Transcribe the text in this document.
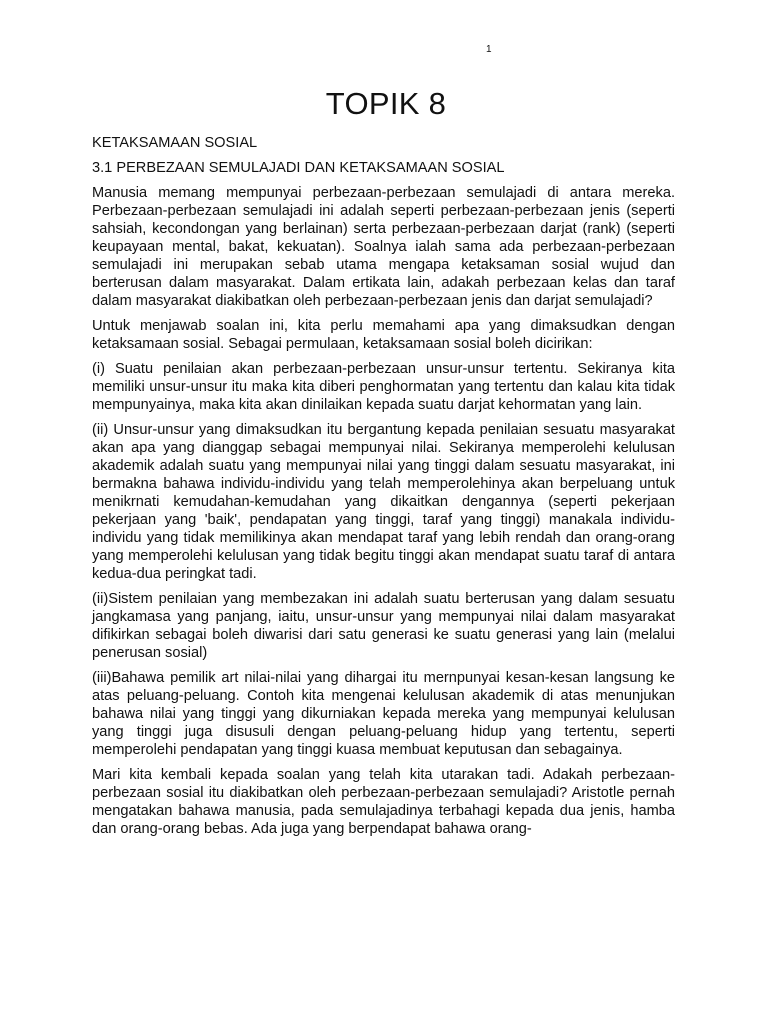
1
TOPIK 8

KETAKSAMAAN SOSIAL

3.1 PERBEZAAN SEMULAJADI DAN KETAKSAMAAN SOSIAL

Manusia memang mempunyai perbezaan-perbezaan semulajadi di antara mereka. Perbezaan-perbezaan semulajadi ini adalah seperti perbezaan-perbezaan jenis (seperti sahsiah, kecondongan yang berlainan) serta perbezaan-perbezaan darjat (rank) (seperti keupayaan mental, bakat, kekuatan). Soalnya ialah sama ada perbezaan-perbezaan semulajadi ini merupakan sebab utama mengapa ketaksaman sosial wujud dan berterusan dalam masyarakat. Dalam ertikata lain, adakah perbezaan kelas dan taraf dalam masyarakat diakibatkan oleh perbezaan-perbezaan jenis dan darjat semulajadi?

Untuk menjawab soalan ini, kita perlu memahami apa yang dimaksudkan dengan ketaksamaan sosial. Sebagai permulaan, ketaksamaan sosial boleh dicirikan:

(i) Suatu penilaian akan perbezaan-perbezaan unsur-unsur tertentu. Sekiranya kita memiliki unsur-unsur itu maka kita diberi penghormatan yang tertentu dan kalau kita tidak mempunyainya, maka kita akan dinilaikan kepada suatu darjat kehormatan yang lain.

(ii) Unsur-unsur yang dimaksudkan itu bergantung kepada penilaian sesuatu masyarakat akan apa yang dianggap sebagai mempunyai nilai. Sekiranya memperolehi kelulusan akademik adalah suatu yang mempunyai nilai yang tinggi dalam sesuatu masyarakat, ini bermakna bahawa individu-individu yang telah memperolehinya akan berpeluang untuk menikrnati kemudahan-kemudahan yang dikaitkan dengannya (seperti pekerjaan pekerjaan yang 'baik', pendapatan yang tinggi, taraf yang tinggi) manakala individu-individu yang tidak memilikinya akan mendapat taraf yang lebih rendah dan orang-orang yang memperolehi kelulusan yang tidak begitu tinggi akan mendapat suatu taraf di antara kedua-dua peringkat tadi.

(ii)Sistem penilaian yang membezakan ini adalah suatu berterusan yang dalam sesuatu jangkamasa yang panjang, iaitu, unsur-unsur yang mempunyai nilai dalam masyarakat difikirkan sebagai boleh diwarisi dari satu generasi ke suatu generasi yang lain (melalui penerusan sosial)

(iii)Bahawa pemilik art nilai-nilai yang dihargai itu mernpunyai kesan-kesan langsung ke atas peluang-peluang. Contoh kita mengenai kelulusan akademik di atas menunjukan bahawa nilai yang tinggi yang dikurniakan kepada mereka yang mempunyai kelulusan yang tinggi juga disusuli dengan peluang-peluang hidup yang tertentu, seperti memperolehi pendapatan yang tinggi kuasa membuat keputusan dan sebagainya.

Mari kita kembali kepada soalan yang telah kita utarakan tadi. Adakah perbezaan-perbezaan sosial itu diakibatkan oleh perbezaan-perbezaan semulajadi? Aristotle pernah mengatakan bahawa manusia, pada semulajadinya terbahagi kepada dua jenis, hamba dan orang-orang bebas. Ada juga yang berpendapat bahawa orang-
